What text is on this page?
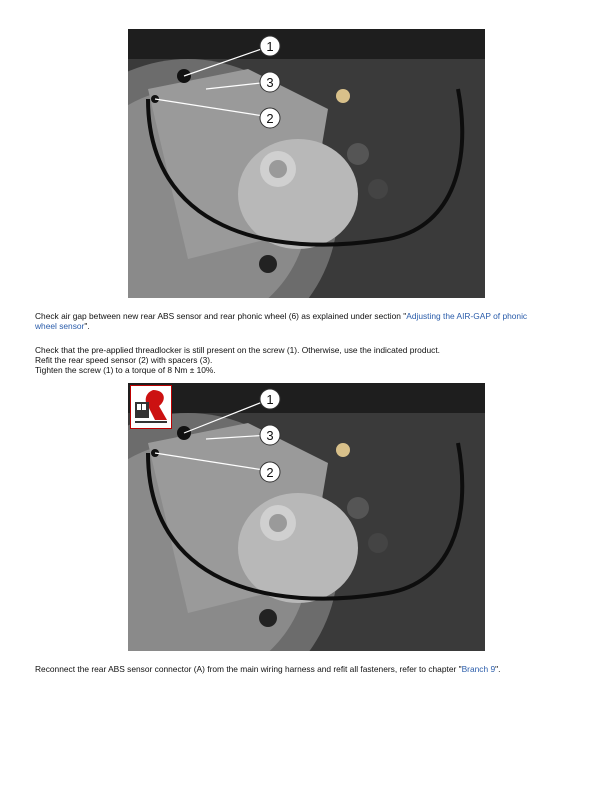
1
3
2
Check air gap between new rear ABS sensor and rear phonic wheel (6) as explained under section "Adjusting the AIR-GAP of phonic
wheel sensor".
Check that the pre-applied threadlocker is still present on the screw (1). Otherwise, use the indicated product.
Refit the rear speed sensor (2) with spacers (3).
Tighten the screw (1) to a torque of 8 Nm ± 10%.
1
3
2
Reconnect the rear ABS sensor connector (A) from the main wiring harness and refit all fasteners, refer to chapter "Branch 9".
